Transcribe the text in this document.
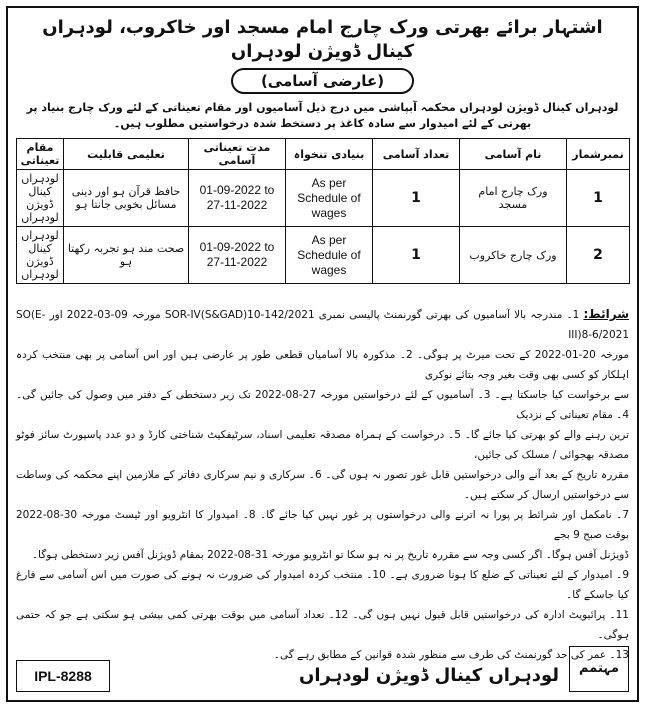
اشتہار برائے بھرتی ورک چارج امام مسجد اور خاکروب، لودہراں کینال ڈویژن لودہراں
(عارضی آسامی)
لودہراں کینال ڈویژن لودہراں محکمہ آبپاشی میں درج ذیل آسامیوں اور مقام تعیناتی کے لئے ورک چارج بنیاد پر بھرتی کے لئے امیدوار سے سادہ کاغذ پر دستخط شدہ درخواستیں مطلوب ہیں۔
نمبرشمار	نام آسامی	تعداد آسامی	بنیادی تنخواہ	مدت تعیناتی آسامی	تعلیمی قابلیت	مقام تعیناتی
1	ورک چارج امام مسجد	1	As per Schedule of wages	01-09-2022 to 27-11-2022	حافظ قرآن ہو اور دینی مسائل بخوبی جانتا ہو	لودہراں کینال ڈویژن لودہراں
2	ورک چارج خاکروب	1	As per Schedule of wages	01-09-2022 to 27-11-2022	صحت مند ہو تجربہ رکھتا ہو	لودہراں کینال ڈویژن لودہراں

شرائط: 1۔ مندرجہ بالا آسامیوں کی بھرتی گورنمنٹ پالیسی نمبری SOR-IV(S&GAD)10-142/2021 مورخہ 09-03-2022 اور SO(E-III)8-6/2021

مورخہ 20-01-2022 کے تحت میرٹ پر ہوگی۔ 2۔ مذکورہ بالا آسامیاں قطعی طور پر عارضی ہیں اور اس آسامی پر بھی منتخب کردہ اہلکار کو کسی بھی وقت بغیر وجہ بتائے نوکری

سے برخواست کیا جاسکتا ہے۔ 3۔ آسامیوں کے لئے درخواستیں مورخہ 27-08-2022 تک زیر دستخطی کے دفتر میں وصول کی جائیں گی۔ 4۔ مقام تعیناتی کے نزدیک

ترین رہنے والے کو بھرتی کیا جائے گا۔ 5۔ درخواست کے ہمراہ مصدقہ تعلیمی اسناد، سرٹیفکیٹ شناختی کارڈ و دو عدد پاسپورٹ سائز فوٹو مصدقہ بھجوائی / مسلک کی جائیں،

مقررہ تاریخ کے بعد آنے والی درخواستیں قابل غور تصور نہ ہوں گی۔ 6۔ سرکاری و نیم سرکاری دفاتر کے ملازمین اپنے محکمہ کی وساطت سے درخواستیں ارسال کر سکتے ہیں۔

7۔ نامکمل اور شرائط پر پورا نہ اترنے والی درخواستوں پر غور نہیں کیا جائے گا۔ 8۔ امیدوار کا انٹرویو اور ٹیسٹ مورخہ 30-08-2022 بوقت صبح 9 بجے

ڈویژنل آفس ہوگا۔ اگر کسی وجہ سے مقررہ تاریخ پر نہ ہو سکا تو انٹرویو مورخہ 31-08-2022 بمقام ڈویژنل آفس زیر دستخطی ہوگا۔

9۔ امیدوار کے لئے تعیناتی کے ضلع کا ہونا ضروری ہے۔ 10۔ منتخب کردہ امیدوار کی ضرورت نہ ہونے کی صورت میں اس آسامی سے فارغ کیا جاسکے گا۔

11۔ پرائیویٹ ادارہ کی درخواستیں قابل قبول نہیں ہوں گی۔ 12۔ تعداد آسامی میں بوقت بھرتی کمی بیشی ہو سکتی ہے جو کہ حتمی ہوگی۔

13۔ عمر کی حد گورنمنٹ کی طرف سے منظور شدہ قوانین کے مطابق رہے گی۔

IPL-8288	لودہراں کینال ڈویژن لودہراں	مہتمم
